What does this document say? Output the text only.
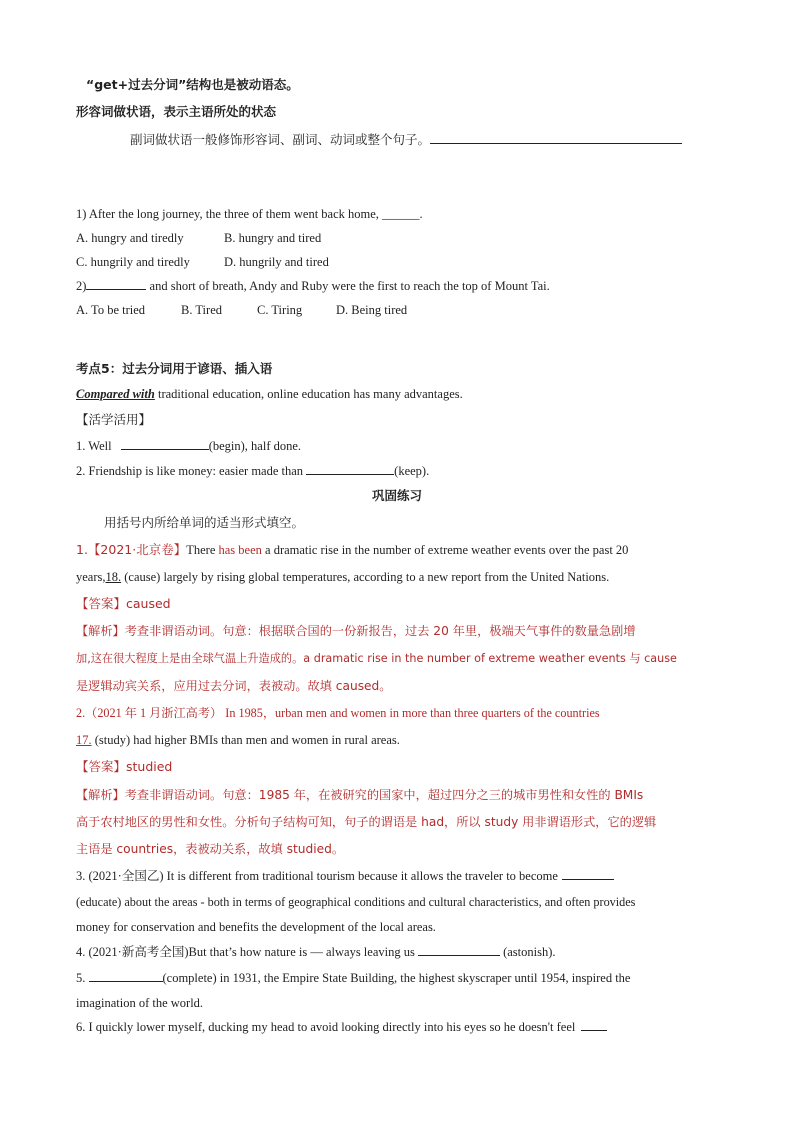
“get+过去分词”结构也是被动语态。
形容词做状语，表示主语所处的状态
副词做状语一般修饰形容词、副词、动词或整个句子。
1) After the long journey, the three of them went back home, ______.
A. hungry and tiredly	B. hungry and tired
C. hungrily and tiredly	D. hungrily and tired
2)	and short of breath, Andy and Ruby were the first to reach the top of Mount Tai.
A. To be tried	B. Tired	C. Tiring	D. Being tired
考点5：过去分词用于谚语、插入语
Compared with traditional education, online education has many advantages.
【活学活用】
1. Well	(begin), half done.
2. Friendship is like money: easier made than	(keep).
巩固练习
用括号内所给单词的适当形式填空。
1.【2021·北京卷】There has been a dramatic rise in the number of extreme weather events over the past 20
years,18. (cause) largely by rising global temperatures, according to a new report from the United Nations.
【答案】caused
【解析】考查非谓语动词。句意：根据联合国的一份新报告，过去 20 年里，极端天气事件的数量急剧增
加,这在很大程度上是由全球气温上升造成的。a dramatic rise in the number of extreme weather events 与 cause
是逻辑动宾关系，应用过去分词，表被动。故填 caused。
2.（2021 年 1 月浙江高考） In 1985，urban men and women in more than three quarters of the countries
17. (study) had higher BMIs than men and women in rural areas.
【答案】studied
【解析】考查非谓语动词。句意：1985 年，在被研究的国家中，超过四分之三的城市男性和女性的 BMIs
高于农村地区的男性和女性。分析句子结构可知，句子的谓语是 had，所以 study 用非谓语形式，它的逻辑
主语是 countries，表被动关系，故填 studied。
3. (2021·全国乙) It is different from traditional tourism because it allows the traveler to become
(educate) about the areas - both in terms of geographical conditions and cultural characteristics, and often provides
money for conservation and benefits the development of the local areas.
4. (2021·新高考全国)But that’s how nature is — always leaving us	(astonish).
5.	(complete) in 1931, the Empire State Building, the highest skyscraper until 1954, inspired the
imagination of the world.
6. I quickly lower myself, ducking my head to avoid looking directly into his eyes so he doesn't feel
